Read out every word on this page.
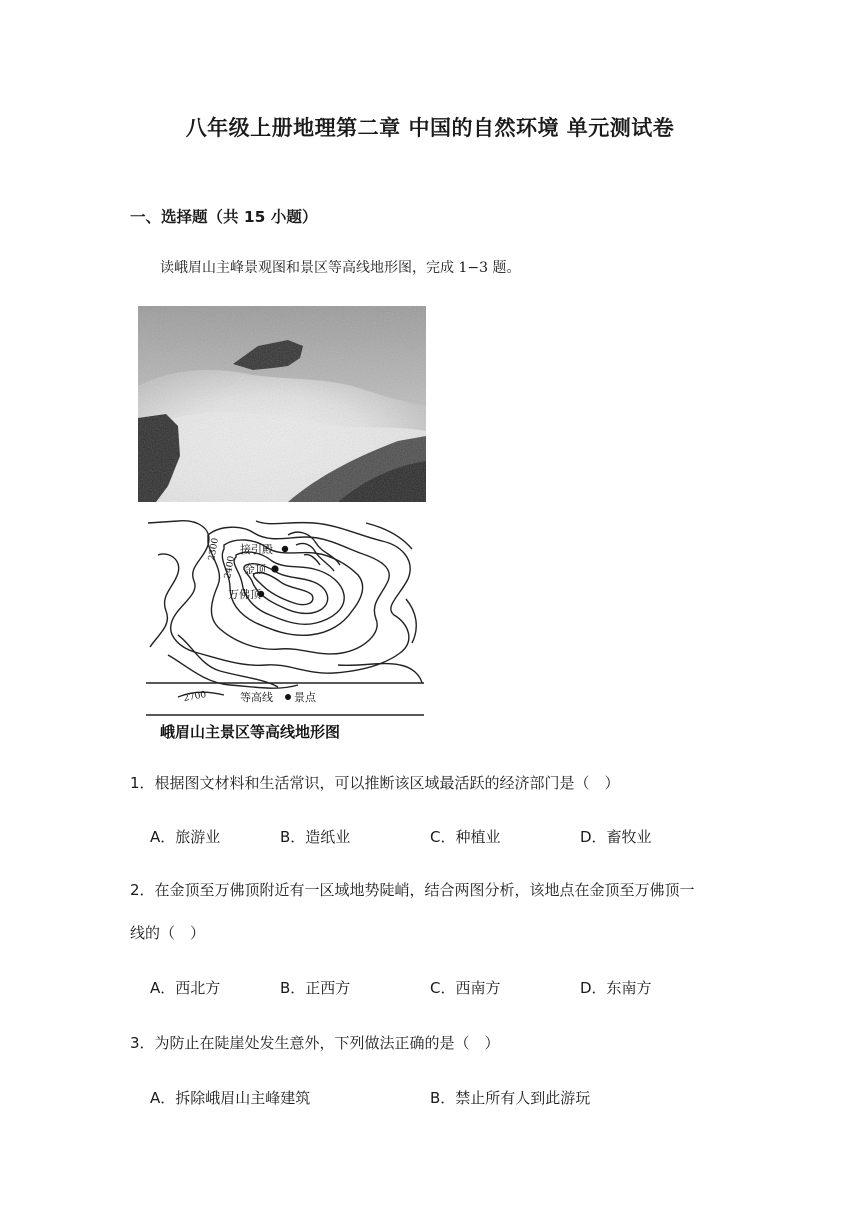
八年级上册地理第二章 中国的自然环境 单元测试卷
一、选择题（共 15 小题）
读峨眉山主峰景观图和景区等高线地形图，完成 1−3 题。
接引殿
金顶
万佛顶
2300
2400
2700	等高线 景点
峨眉山主景区等高线地形图
1．根据图文材料和生活常识，可以推断该区域最活跃的经济部门是（　）
A．旅游业	B．造纸业	C．种植业	D．畜牧业
2．在金顶至万佛顶附近有一区域地势陡峭，结合两图分析，该地点在金顶至万佛顶一
线的（　）
A．西北方	B．正西方	C．西南方	D．东南方
3．为防止在陡崖处发生意外，下列做法正确的是（　）
A．拆除峨眉山主峰建筑	B．禁止所有人到此游玩
